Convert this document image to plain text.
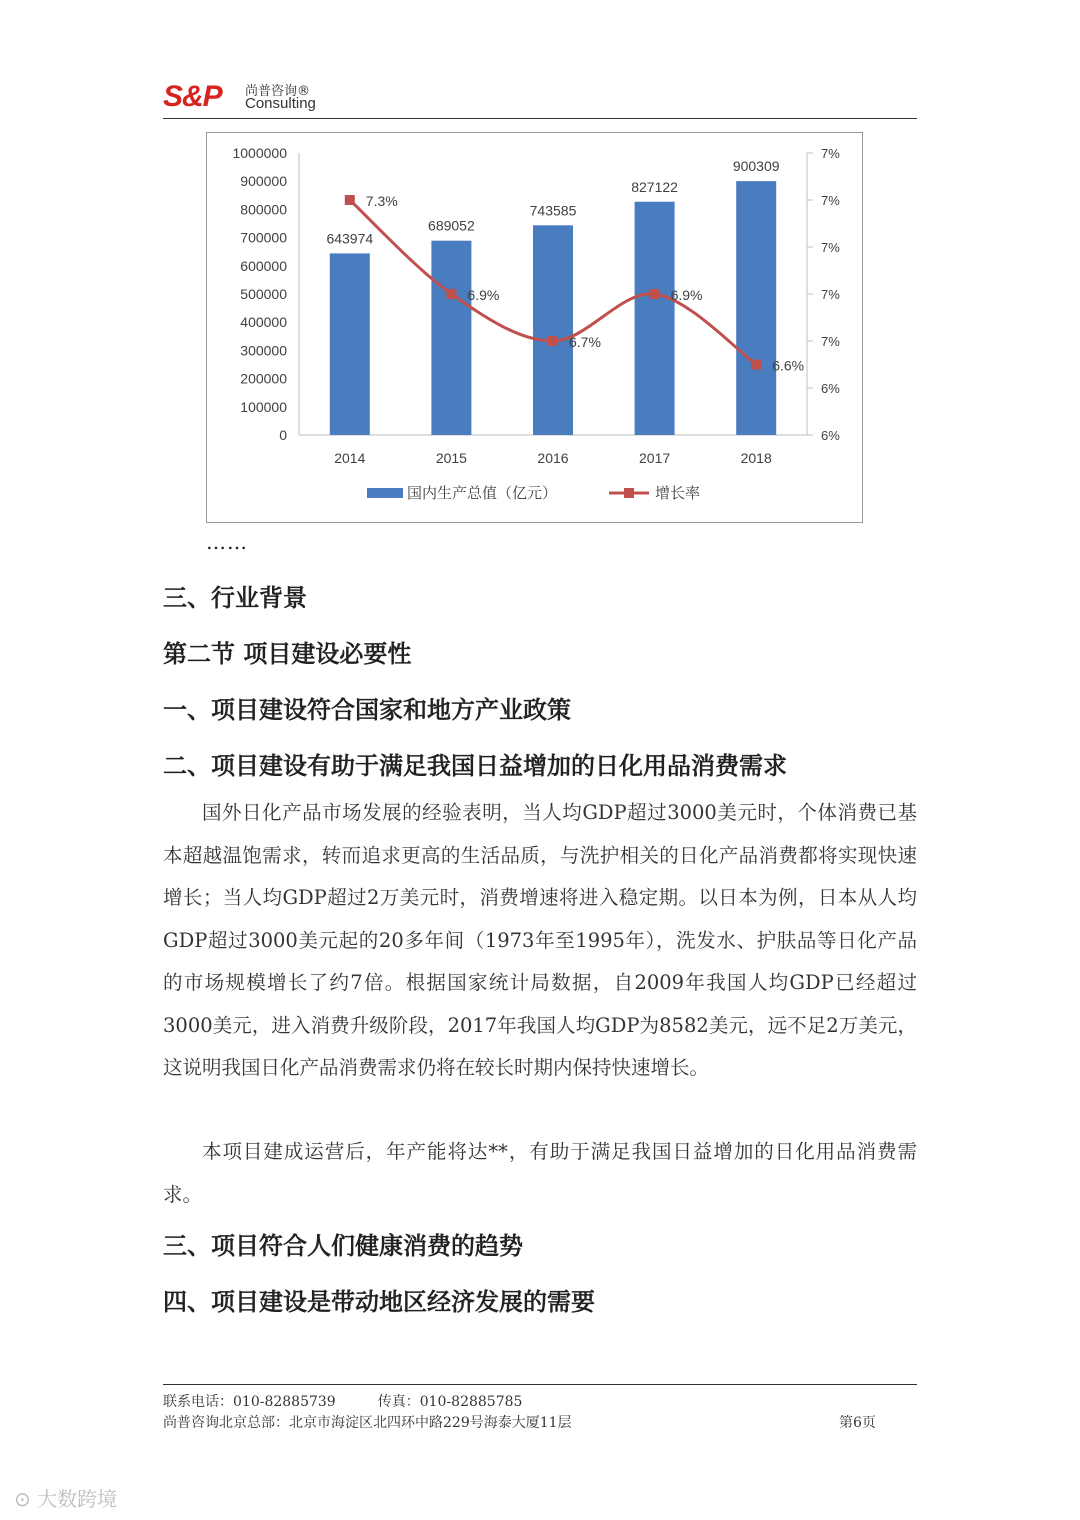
S&P 尚普咨询®
Consulting
1000000
900000
800000
700000
600000
500000
400000
300000
200000
100000
0
7%
7%
7%
7%
7%
6%
6%
643974
2014
689052
2015
743585
2016
827122
2017
900309
2018
7.3%
6.9%
6.7%
6.9%
6.6%
国内生产总值（亿元）	增长率
……
三、行业背景
第二节 项目建设必要性
一、项目建设符合国家和地方产业政策
二、项目建设有助于满足我国日益增加的日化用品消费需求
国外日化产品市场发展的经验表明，当人均GDP超过3000美元时，个体消费已基本超越温饱需求，转而追求更高的生活品质，与洗护相关的日化产品消费都将实现快速增长；当人均GDP超过2万美元时，消费增速将进入稳定期。以日本为例，日本从人均GDP超过3000美元起的20多年间（1973年至1995年），洗发水、护肤品等日化产品的市场规模增长了约7倍。根据国家统计局数据，自2009年我国人均GDP已经超过3000美元，进入消费升级阶段，2017年我国人均GDP为8582美元，远不足2万美元，这说明我国日化产品消费需求仍将在较长时期内保持快速增长。
本项目建成运营后，年产能将达**，有助于满足我国日益增加的日化用品消费需求。
三、项目符合人们健康消费的趋势
四、项目建设是带动地区经济发展的需要
联系电话：010-82885739	传真：010-82885785
尚普咨询北京总部：北京市海淀区北四环中路229号海泰大厦11层	第6页
⊙ 大数跨境
